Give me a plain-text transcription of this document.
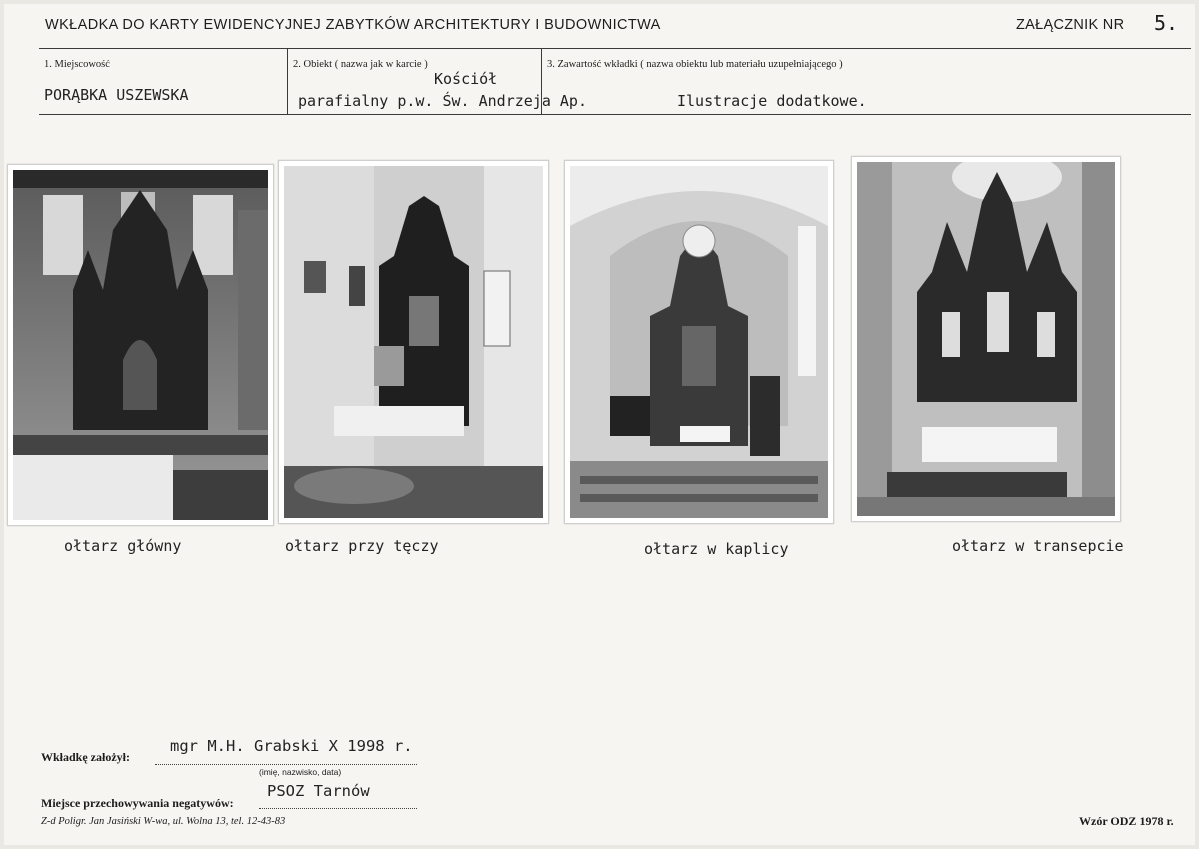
WKŁADKA DO KARTY EWIDENCYJNEJ ZABYTKÓW ARCHITEKTURY I BUDOWNICTWA	ZAŁĄCZNIK NR 5.
1. Miejscowość
PORĄBKA USZEWSKA
2. Obiekt ( nazwa jak w karcie )
Kościół
parafialny p.w. Św. Andrzeja Ap.
3. Zawartość wkładki ( nazwa obiektu lub materiału uzupełniającego )
Ilustracje dodatkowe.
ołtarz główny	ołtarz przy tęczy	ołtarz w kaplicy	ołtarz w transepcie
Wkładkę założył:
mgr M.H. Grabski X 1998 r.
(imię, nazwisko, data)
Miejsce przechowywania negatywów:
PSOZ Tarnów
Z-d Poligr. Jan Jasiński W-wa, ul. Wolna 13, tel. 12-43-83	Wzór ODZ 1978 r.
